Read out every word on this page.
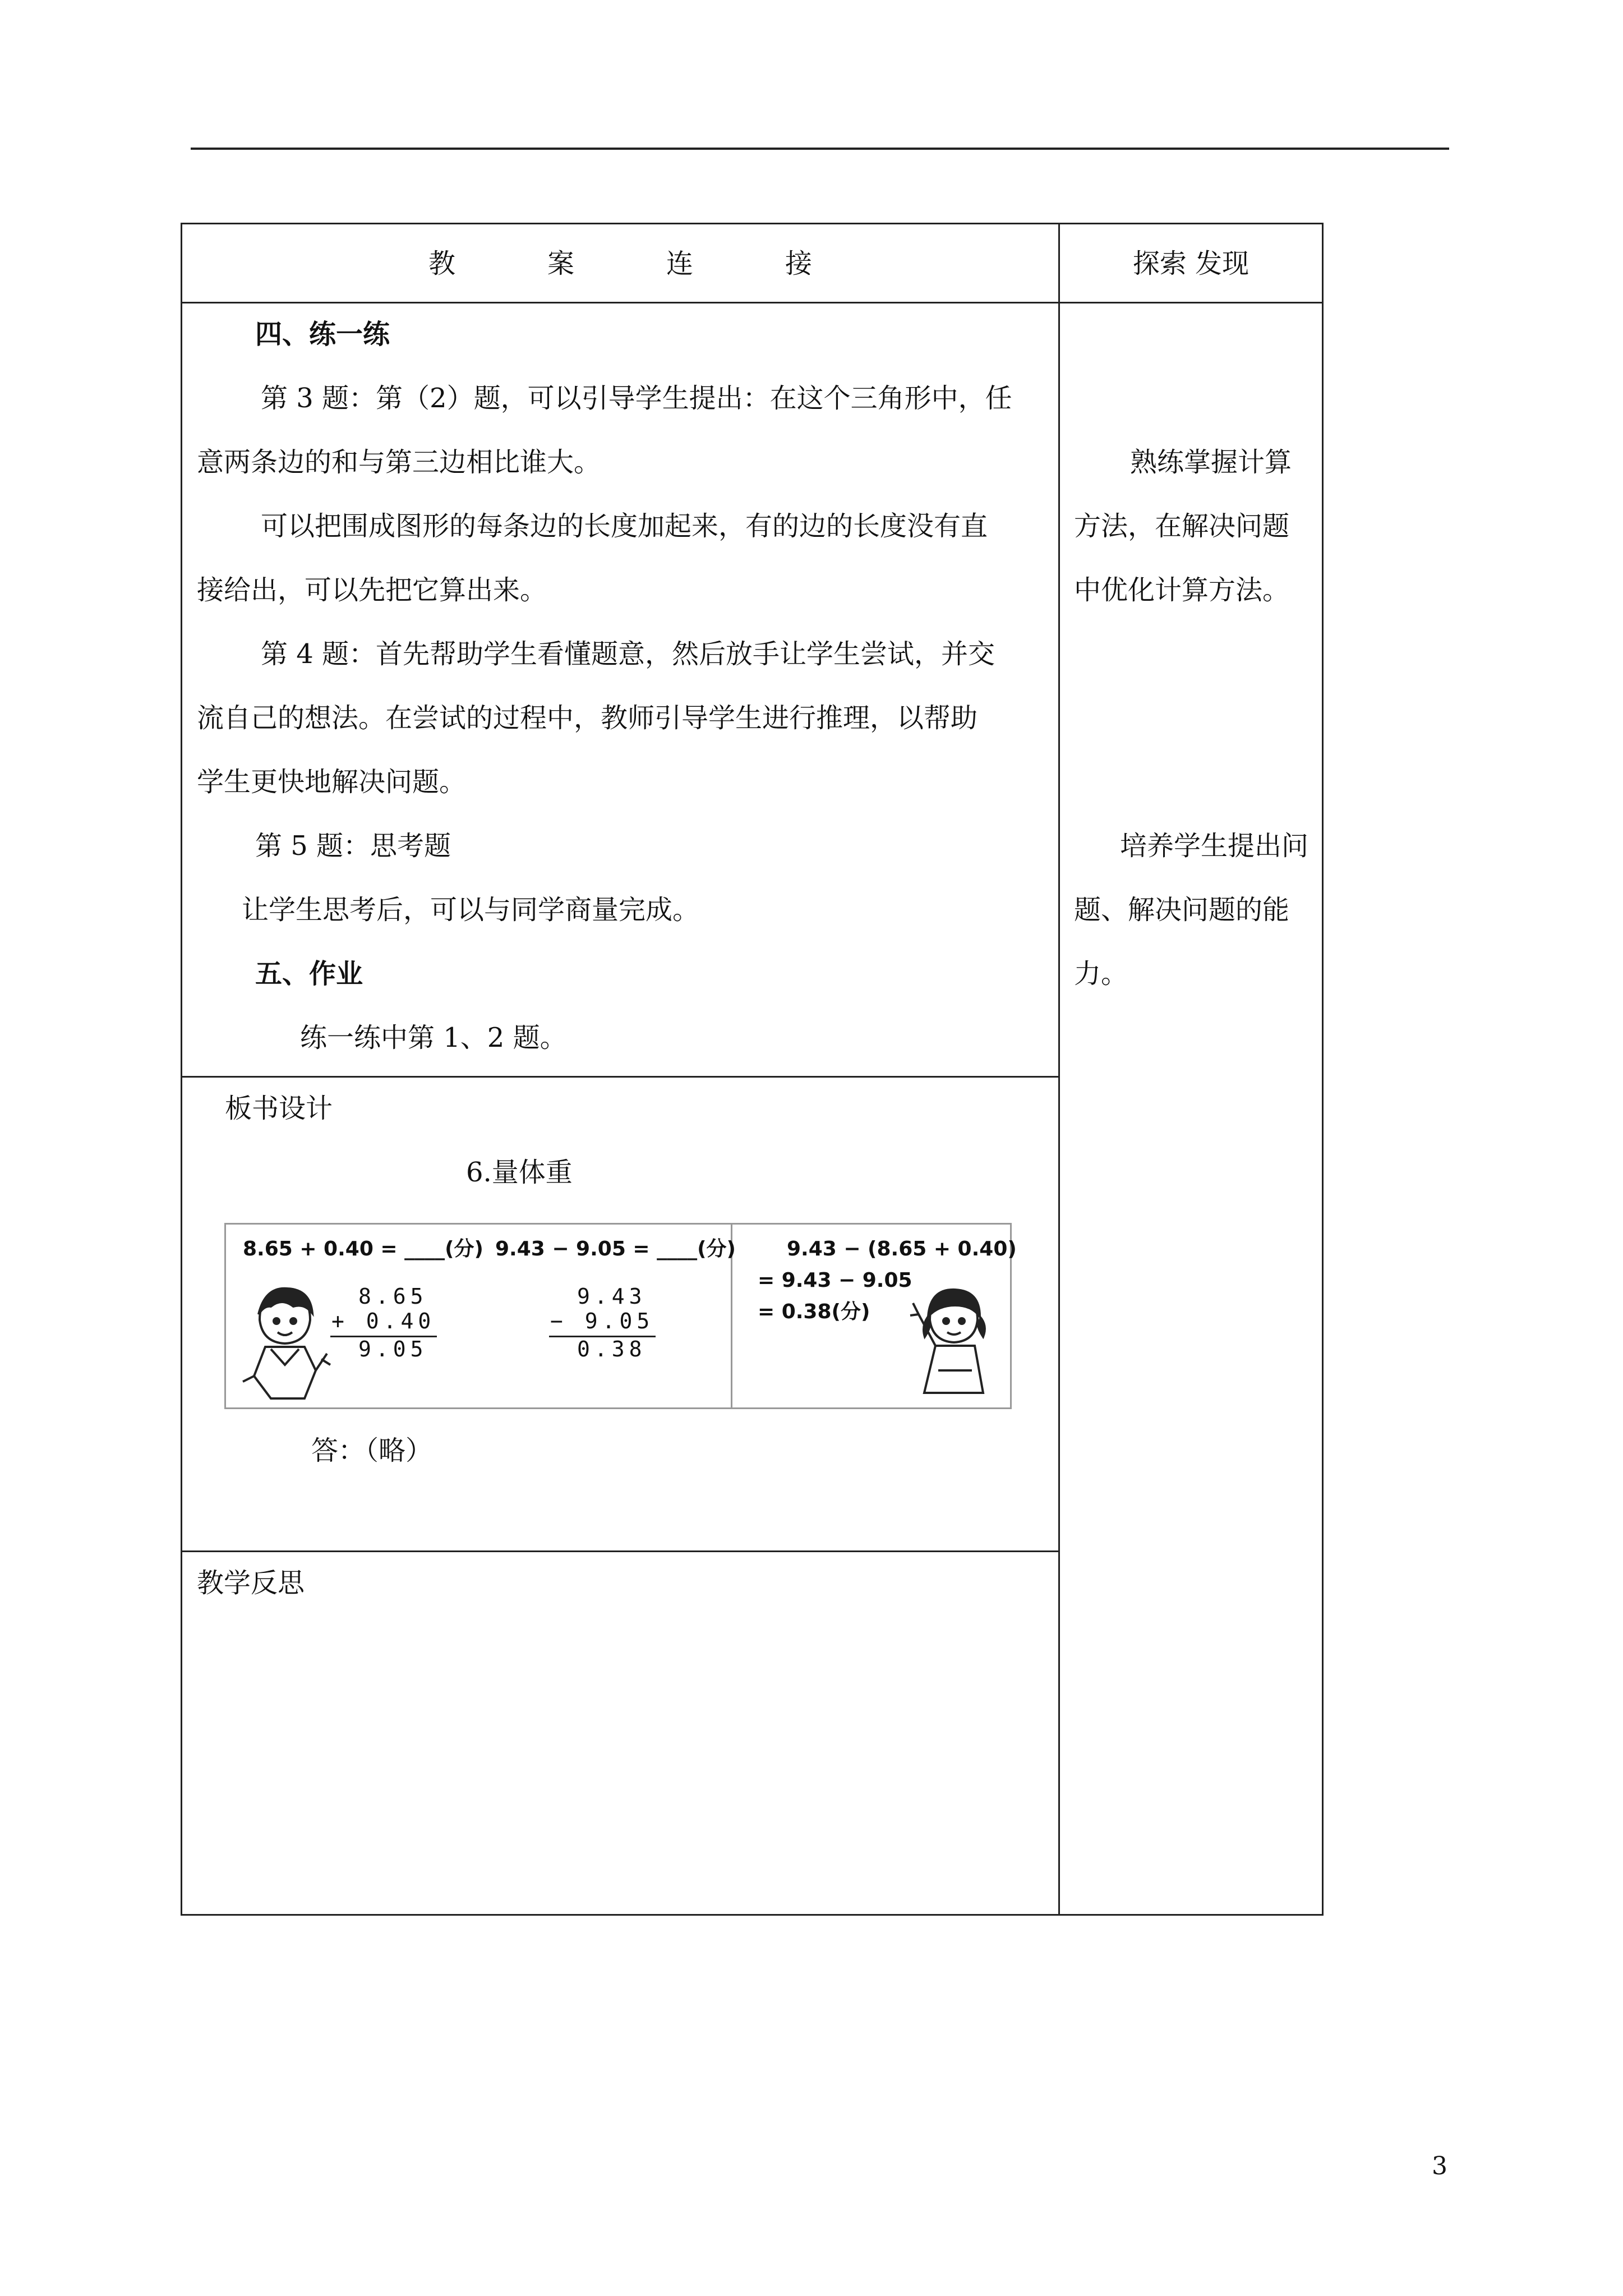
教　案　连　接	探索 发现
四、练一练
第 3 题：第（2）题，可以引导学生提出：在这个三角形中，任
意两条边的和与第三边相比谁大。
可以把围成图形的每条边的长度加起来，有的边的长度没有直
接给出，可以先把它算出来。
第 4 题：首先帮助学生看懂题意，然后放手让学生尝试，并交
流自己的想法。在尝试的过程中，教师引导学生进行推理，以帮助
学生更快地解决问题。
第 5 题：思考题
让学生思考后，可以与同学商量完成。
五、作业
练一练中第 1、2 题。
熟练掌握计算
方法，在解决问题
中优化计算方法。
培养学生提出问
题、解决问题的能
力。
板书设计
6.量体重
答：（略）
教学反思
8.65 + 0.40 = ____(分)
8.65
+ 0.40
9.05
9.43 − 9.05 = ____(分)
9.43
− 9.05
0.38
9.43 − (8.65 + 0.40)
= 9.43 − 9.05
= 0.38(分)
3
